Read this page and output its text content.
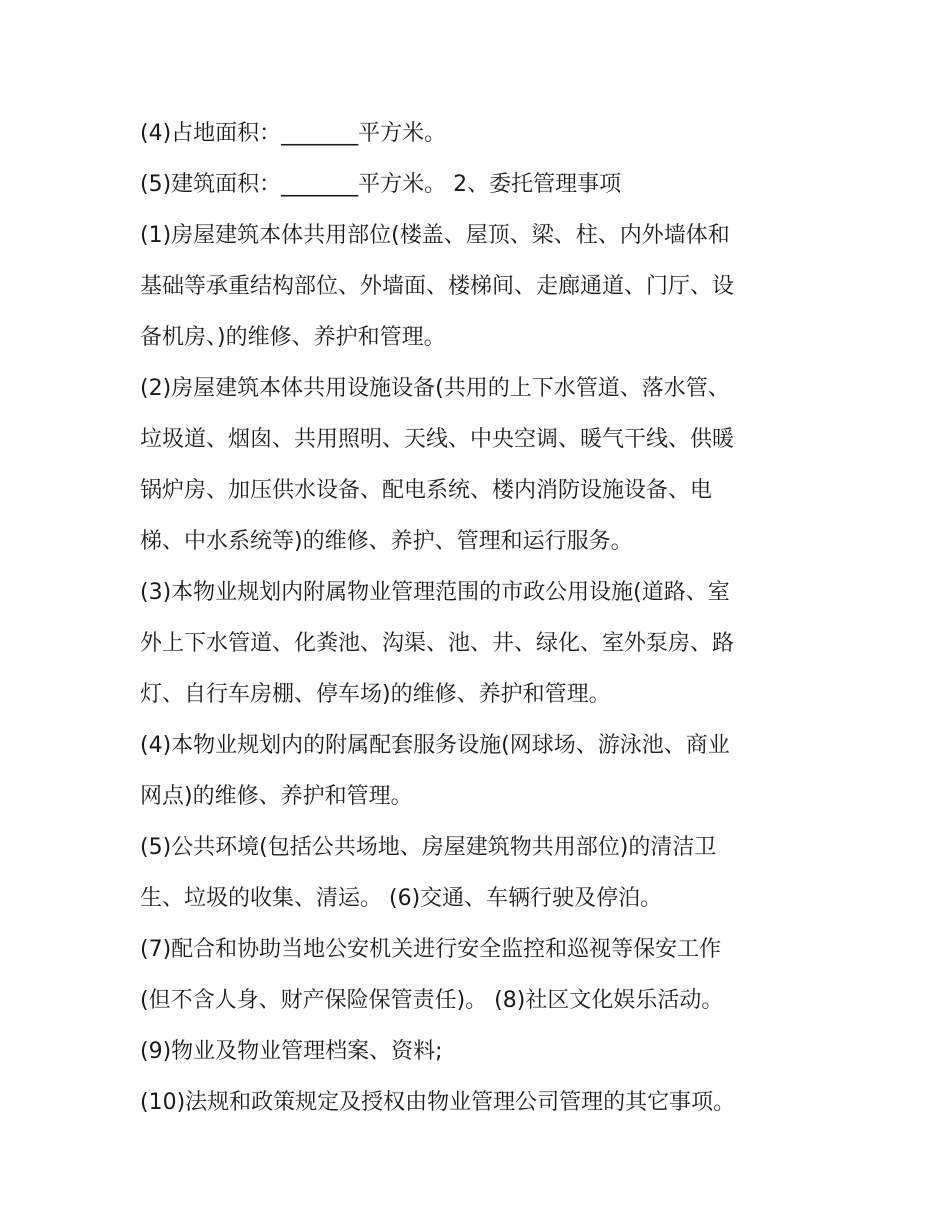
(4)占地面积：_______平方米。
(5)建筑面积：_______平方米。 2、委托管理事项
(1)房屋建筑本体共用部位(楼盖、屋顶、梁、柱、内外墙体和
基础等承重结构部位、外墙面、楼梯间、走廊通道、门厅、设
备机房、)的维修、养护和管理。
(2)房屋建筑本体共用设施设备(共用的上下水管道、落水管、
垃圾道、烟囱、共用照明、天线、中央空调、暖气干线、供暖
锅炉房、加压供水设备、配电系统、楼内消防设施设备、电
梯、中水系统等)的维修、养护、管理和运行服务。
(3)本物业规划内附属物业管理范围的市政公用设施(道路、室
外上下水管道、化粪池、沟渠、池、井、绿化、室外泵房、路
灯、自行车房棚、停车场)的维修、养护和管理。
(4)本物业规划内的附属配套服务设施(网球场、游泳池、商业
网点)的维修、养护和管理。
(5)公共环境(包括公共场地、房屋建筑物共用部位)的清洁卫
生、垃圾的收集、清运。 (6)交通、车辆行驶及停泊。
(7)配合和协助当地公安机关进行安全监控和巡视等保安工作
(但不含人身、财产保险保管责任)。 (8)社区文化娱乐活动。
(9)物业及物业管理档案、资料;
(10)法规和政策规定及授权由物业管理公司管理的其它事项。
